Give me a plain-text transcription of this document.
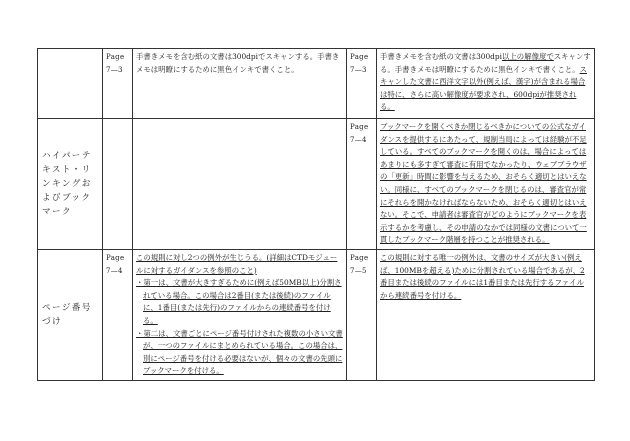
	Page
7—3	手書きメモを含む紙の文書は300dpiでスキャンする。手書きメモは明瞭にするために黒色インキで書くこと。	Page
7—3	手書きメモを含む紙の文書は300dpi以上の解像度でスキャンする。手書きメモは明瞭にするために黒色インキで書くこと。スキャンした文書に西洋文字以外(例えば、漢字)が含まれる場合は特に、さらに高い解像度が要求され、600dpiが推奨される。
ハイパーテキスト・リンキングおよびブックマーク			Page
7—4	ブックマークを開くべきか閉じるべきかについての公式なガイダンスを提供するにあたって、規制当局によっては経験が不足している。すべてのブックマークを開くのは、場合によってはあまりにも多すぎて審査に有用でなかったり、ウェブブラウザの「更新」時間に影響を与えるため、おそらく適切とはいえない。同様に、すべてのブックマークを閉じるのは、審査官が常にそれらを開かなければならないため、おそらく適切とはいえない。そこで、申請者は審査官がどのようにブックマークを表示するかを考慮し、その申請のなかでは同様の文書について一貫したブックマーク階層を持つことが推奨される。
ページ番号づけ	Page
7—4	この規則に対し2つの例外が生じうる。(詳細はCTDモジュールに対するガイダンスを参照のこと)
・第一は、文書が大きすぎるために(例えば50MB以上)分割されている場合。この場合は2番目(または後続)のファイルに、1番目(または先行)のファイルからの連続番号を付ける。
・第二は、文書ごとにページ番号付けされた複数の小さい文書が、一つのファイルにまとめられている場合。この場合は、別にページ番号を付ける必要はないが、個々の文書の先頭にブックマークを付ける。	Page
7—5	この規則に対する唯一の例外は、文書のサイズが大きい(例えば、100MBを超える)ために分割されている場合であるが、2番目または後続のファイルには1番目または先行するファイルから連続番号を付ける。
